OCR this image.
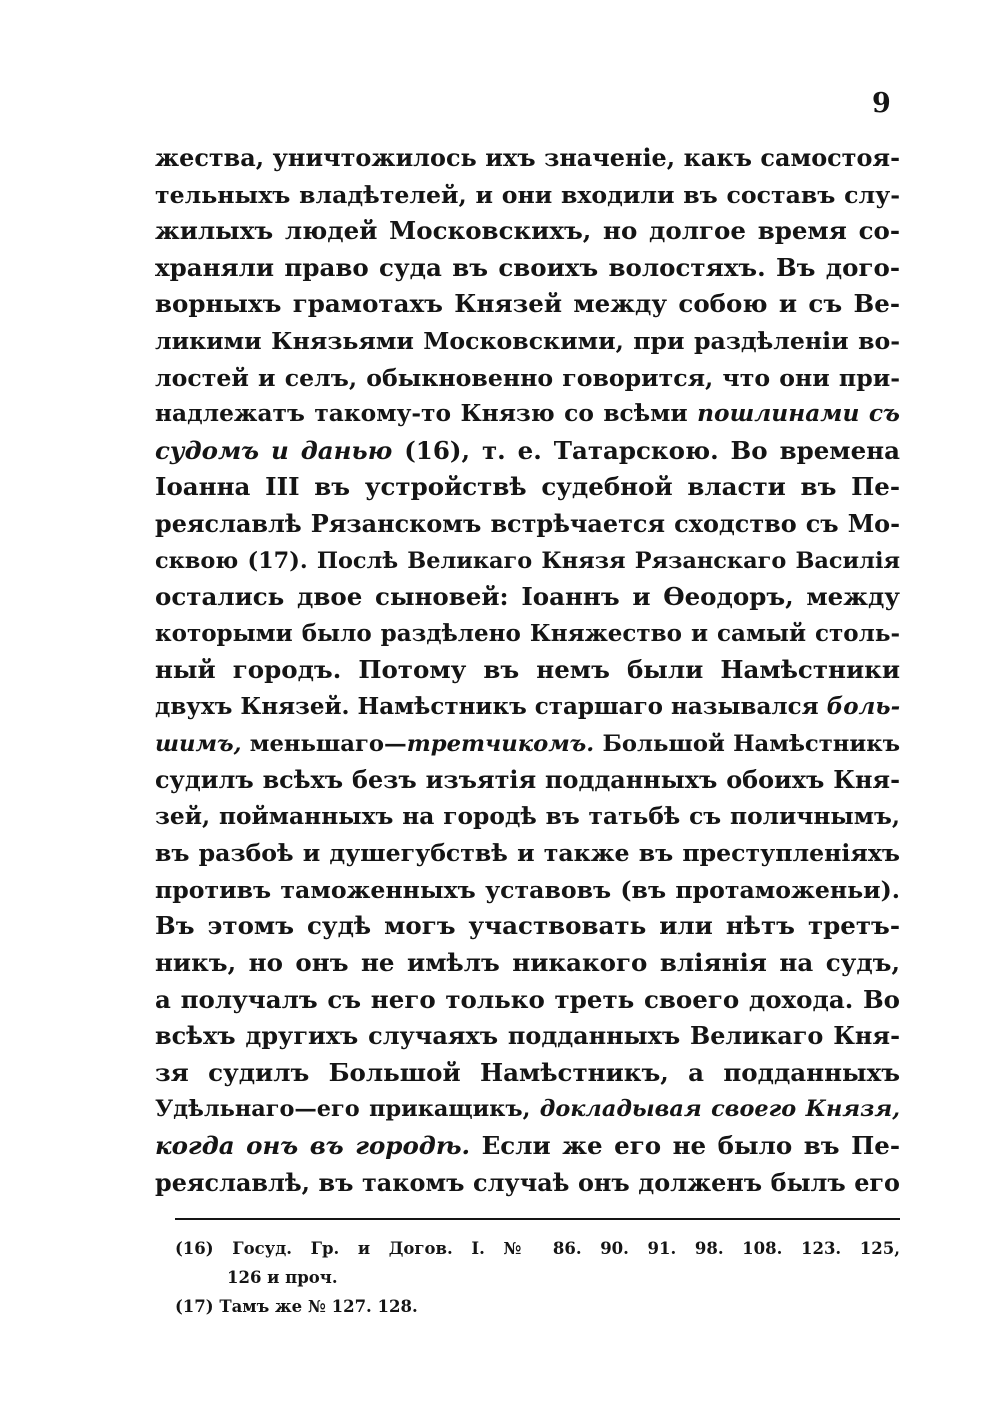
9
жества, уничтожилось ихъ значеніе, какъ самостоя-
тельныхъ владѣтелей, и они входили въ составъ слу-
жилыхъ людей Московскихъ, но долгое время со-
храняли право суда въ своихъ волостяхъ. Въ дого-
ворныхъ грамотахъ Князей между собою и съ Ве-
ликими Князьями Московскими, при раздѣленіи во-
лостей и селъ, обыкновенно говорится, что они при-
надлежатъ такому-то Князю со всѣми пошлинами съ
судомъ и данью (16), т. е. Татарскою. Во времена
Іоанна III въ устройствѣ судебной власти въ Пе-
реяславлѣ Рязанскомъ встрѣчается сходство съ Мо-
сквою (17). Послѣ Великаго Князя Рязанскаго Василія
остались двое сыновей: Іоаннъ и Ѳеодоръ, между
которыми было раздѣлено Княжество и самый столь-
ный городъ. Потому въ немъ были Намѣстники
двухъ Князей. Намѣстникъ старшаго назывался боль-
шимъ, меньшаго—третчикомъ. Большой Намѣстникъ
судилъ всѣхъ безъ изъятія подданныхъ обоихъ Кня-
зей, пойманныхъ на городѣ въ татьбѣ съ поличнымъ,
въ разбоѣ и душегубствѣ и также въ преступленіяхъ
противъ таможенныхъ уставовъ (въ протаможеньи).
Въ этомъ судѣ могъ участвовать или нѣтъ третъ-
никъ, но онъ не имѣлъ никакого вліянія на судъ,
а получалъ съ него только треть своего дохода. Во
всѣхъ другихъ случаяхъ подданныхъ Великаго Кня-
зя судилъ Большой Намѣстникъ, а подданныхъ
Удѣльнаго—его прикащикъ, докладывая своего Князя,
когда онъ въ городѣ. Если же его не было въ Пе-
реяславлѣ, въ такомъ случаѣ онъ долженъ былъ его
(16) Госуд. Гр. и Догов. I. № 86. 90. 91. 98. 108. 123. 125,
126 и проч.
(17) Тамъ же № 127. 128.
